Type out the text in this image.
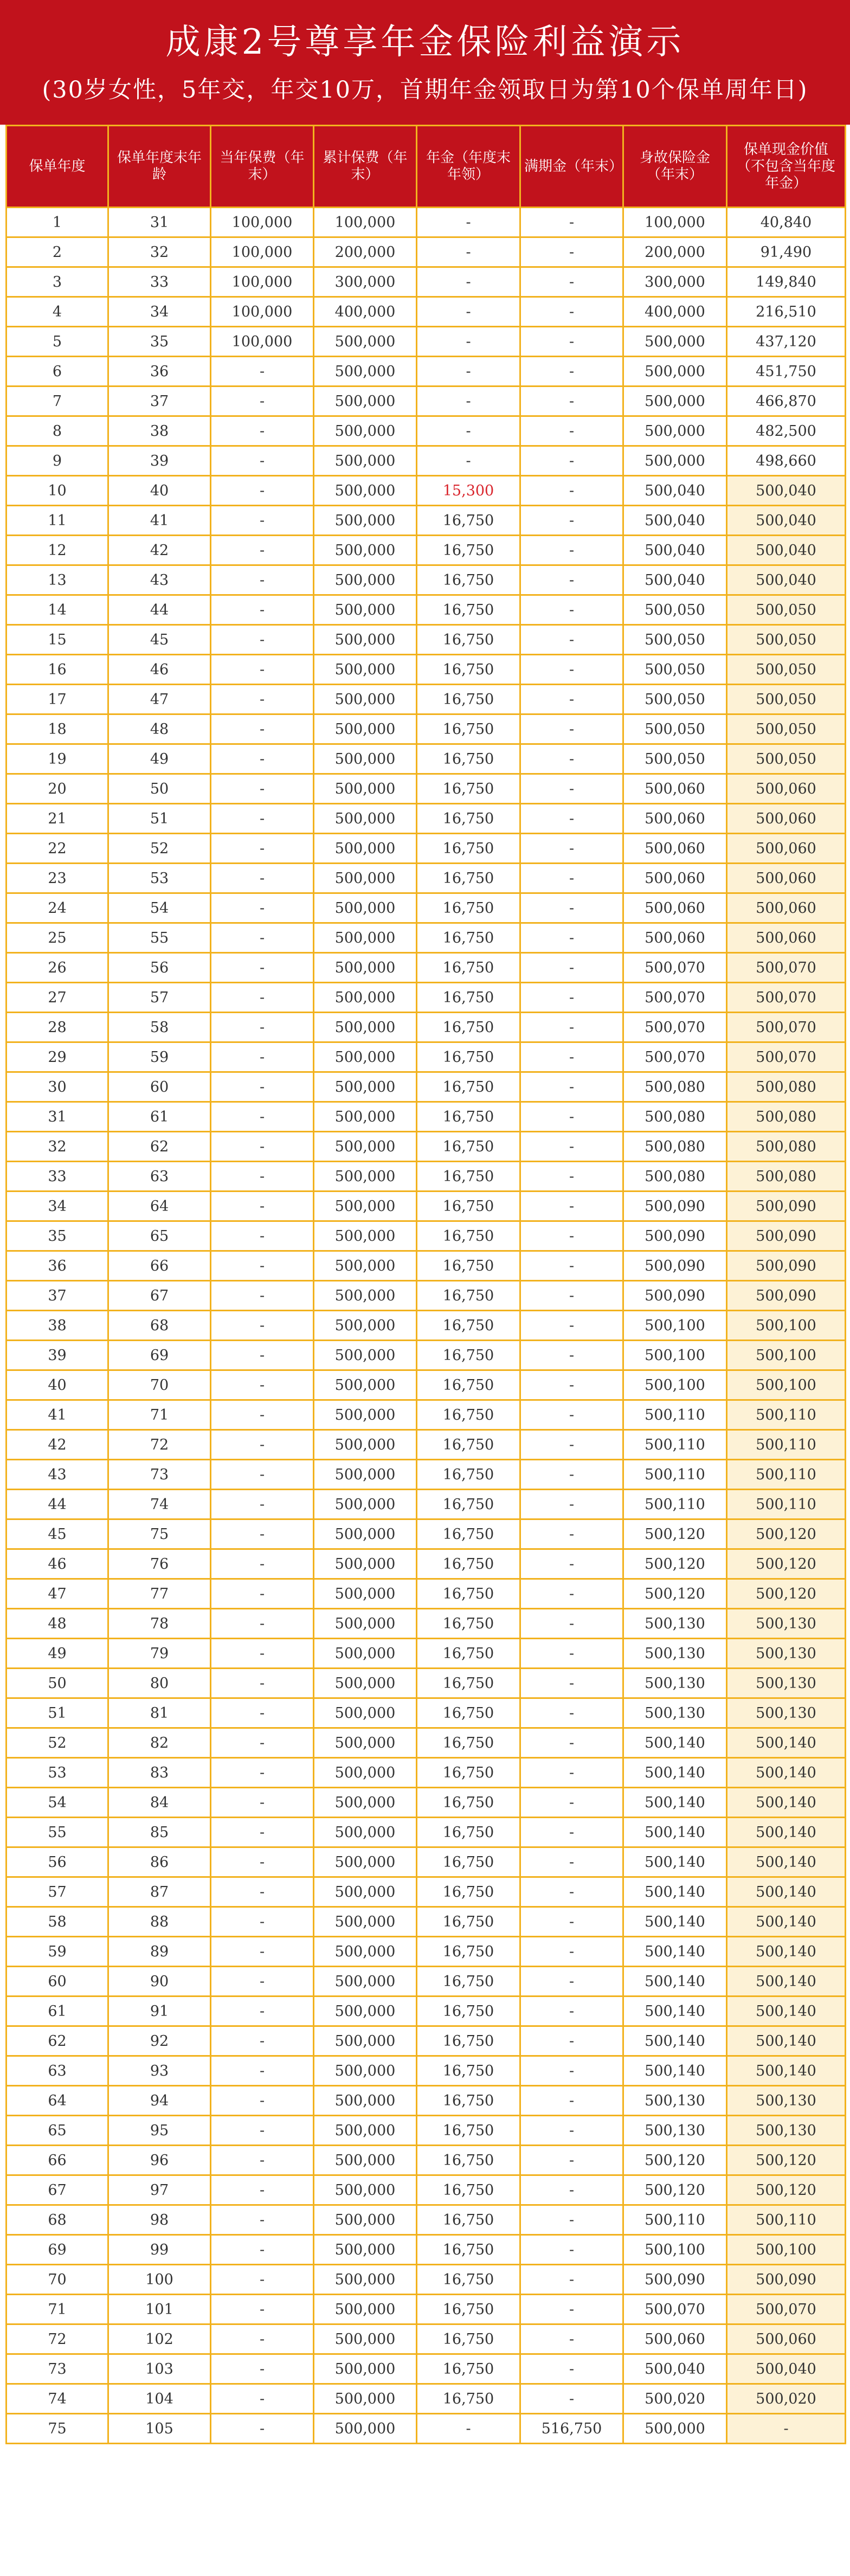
成康2号尊享年金保险利益演示
(30岁女性，5年交，年交10万，首期年金领取日为第10个保单周年日)
保单年度	保单年度末年龄	当年保费（年末）	累计保费（年末）	年金（年度末年领）	满期金（年末）	身故保险金（年末）	保单现金价值（不包含当年度年金）
1	31	100,000	100,000	-	-	100,000	40,840
2	32	100,000	200,000	-	-	200,000	91,490
3	33	100,000	300,000	-	-	300,000	149,840
4	34	100,000	400,000	-	-	400,000	216,510
5	35	100,000	500,000	-	-	500,000	437,120
6	36	-	500,000	-	-	500,000	451,750
7	37	-	500,000	-	-	500,000	466,870
8	38	-	500,000	-	-	500,000	482,500
9	39	-	500,000	-	-	500,000	498,660
10	40	-	500,000	15,300	-	500,040	500,040
11	41	-	500,000	16,750	-	500,040	500,040
12	42	-	500,000	16,750	-	500,040	500,040
13	43	-	500,000	16,750	-	500,040	500,040
14	44	-	500,000	16,750	-	500,050	500,050
15	45	-	500,000	16,750	-	500,050	500,050
16	46	-	500,000	16,750	-	500,050	500,050
17	47	-	500,000	16,750	-	500,050	500,050
18	48	-	500,000	16,750	-	500,050	500,050
19	49	-	500,000	16,750	-	500,050	500,050
20	50	-	500,000	16,750	-	500,060	500,060
21	51	-	500,000	16,750	-	500,060	500,060
22	52	-	500,000	16,750	-	500,060	500,060
23	53	-	500,000	16,750	-	500,060	500,060
24	54	-	500,000	16,750	-	500,060	500,060
25	55	-	500,000	16,750	-	500,060	500,060
26	56	-	500,000	16,750	-	500,070	500,070
27	57	-	500,000	16,750	-	500,070	500,070
28	58	-	500,000	16,750	-	500,070	500,070
29	59	-	500,000	16,750	-	500,070	500,070
30	60	-	500,000	16,750	-	500,080	500,080
31	61	-	500,000	16,750	-	500,080	500,080
32	62	-	500,000	16,750	-	500,080	500,080
33	63	-	500,000	16,750	-	500,080	500,080
34	64	-	500,000	16,750	-	500,090	500,090
35	65	-	500,000	16,750	-	500,090	500,090
36	66	-	500,000	16,750	-	500,090	500,090
37	67	-	500,000	16,750	-	500,090	500,090
38	68	-	500,000	16,750	-	500,100	500,100
39	69	-	500,000	16,750	-	500,100	500,100
40	70	-	500,000	16,750	-	500,100	500,100
41	71	-	500,000	16,750	-	500,110	500,110
42	72	-	500,000	16,750	-	500,110	500,110
43	73	-	500,000	16,750	-	500,110	500,110
44	74	-	500,000	16,750	-	500,110	500,110
45	75	-	500,000	16,750	-	500,120	500,120
46	76	-	500,000	16,750	-	500,120	500,120
47	77	-	500,000	16,750	-	500,120	500,120
48	78	-	500,000	16,750	-	500,130	500,130
49	79	-	500,000	16,750	-	500,130	500,130
50	80	-	500,000	16,750	-	500,130	500,130
51	81	-	500,000	16,750	-	500,130	500,130
52	82	-	500,000	16,750	-	500,140	500,140
53	83	-	500,000	16,750	-	500,140	500,140
54	84	-	500,000	16,750	-	500,140	500,140
55	85	-	500,000	16,750	-	500,140	500,140
56	86	-	500,000	16,750	-	500,140	500,140
57	87	-	500,000	16,750	-	500,140	500,140
58	88	-	500,000	16,750	-	500,140	500,140
59	89	-	500,000	16,750	-	500,140	500,140
60	90	-	500,000	16,750	-	500,140	500,140
61	91	-	500,000	16,750	-	500,140	500,140
62	92	-	500,000	16,750	-	500,140	500,140
63	93	-	500,000	16,750	-	500,140	500,140
64	94	-	500,000	16,750	-	500,130	500,130
65	95	-	500,000	16,750	-	500,130	500,130
66	96	-	500,000	16,750	-	500,120	500,120
67	97	-	500,000	16,750	-	500,120	500,120
68	98	-	500,000	16,750	-	500,110	500,110
69	99	-	500,000	16,750	-	500,100	500,100
70	100	-	500,000	16,750	-	500,090	500,090
71	101	-	500,000	16,750	-	500,070	500,070
72	102	-	500,000	16,750	-	500,060	500,060
73	103	-	500,000	16,750	-	500,040	500,040
74	104	-	500,000	16,750	-	500,020	500,020
75	105	-	500,000	-	516,750	500,000	-
